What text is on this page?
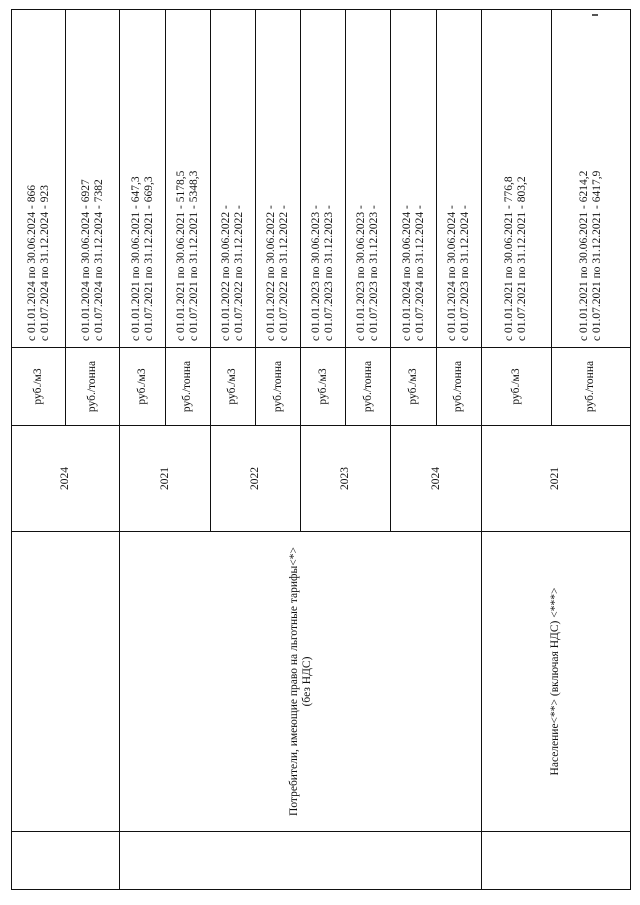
		2024	руб./м3	с 01.01.2024 по 30.06.2024 - 866 с 01.07.2024 по 31.12.2024 - 923

			руб./тонна	с 01.01.2024 по 30.06.2024 - 6927 с 01.07.2024 по 31.12.2024 - 7382

	Потребители, имеющие право на льготные тарифы<*> (без НДС)	2021	руб./м3	с 01.01.2021 по 30.06.2021 - 647,3 с 01.07.2021 по 31.12.2021 - 669,3

			руб./тонна	с 01.01.2021 по 30.06.2021 - 5178,5 с 01.07.2021 по 31.12.2021 - 5348,3

		2022	руб./м3	с 01.01.2022 по 30.06.2022 - с 01.07.2022 по 31.12.2022 -

			руб./тонна	с 01.01.2022 по 30.06.2022 - с 01.07.2022 по 31.12.2022 -

		2023	руб./м3	с 01.01.2023 по 30.06.2023 - с 01.07.2023 по 31.12.2023 -

			руб./тонна	с 01.01.2023 по 30.06.2023 - с 01.07.2023 по 31.12.2023 -

		2024	руб./м3	с 01.01.2024 по 30.06.2024 - с 01.07.2024 по 31.12.2024 -

			руб./тонна	с 01.01.2024 по 30.06.2024 - с 01.07.2023 по 31.12.2024 -

	Население<**> (включая НДС) <***>	2021	руб./м3	с 01.01.2021 по 30.06.2021 - 776,8 с 01.07.2021 по 31.12.2021 - 803,2

			руб./тонна	с 01.01.2021 по 30.06.2021 - 6214,2 с 01.07.2021 по 31.12.2021 - 6417,9
